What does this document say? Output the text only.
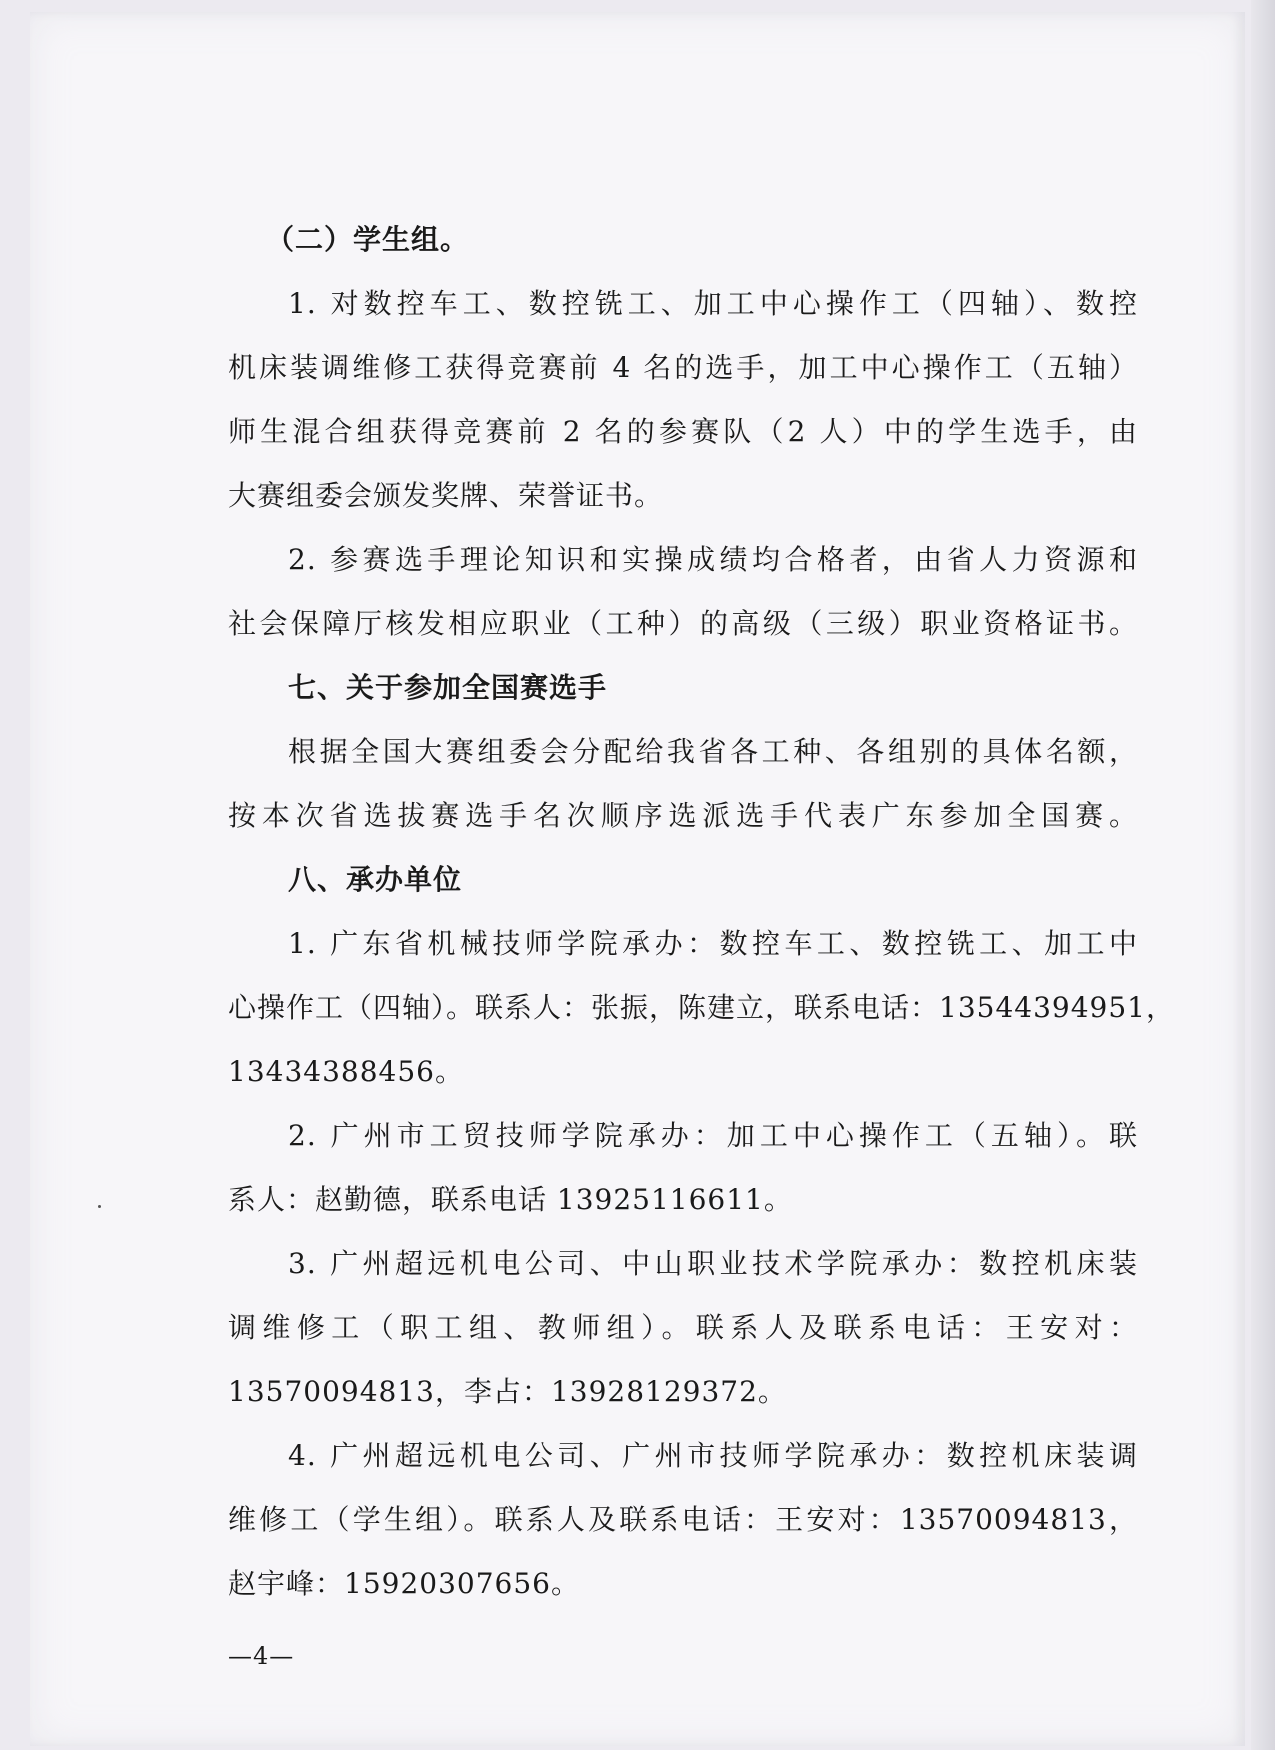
（二）学生组。
1. 对数控车工、数控铣工、加工中心操作工（四轴）、数控
机床装调维修工获得竞赛前 4 名的选手，加工中心操作工（五轴）
师生混合组获得竞赛前 2 名的参赛队（2 人）中的学生选手，由
大赛组委会颁发奖牌、荣誉证书。
2. 参赛选手理论知识和实操成绩均合格者，由省人力资源和
社会保障厅核发相应职业（工种）的高级（三级）职业资格证书。
七、关于参加全国赛选手
根据全国大赛组委会分配给我省各工种、各组别的具体名额，
按本次省选拔赛选手名次顺序选派选手代表广东参加全国赛。
八、承办单位
1. 广东省机械技师学院承办：数控车工、数控铣工、加工中
心操作工（四轴）。联系人：张振，陈建立，联系电话：13544394951，
13434388456。
2. 广州市工贸技师学院承办：加工中心操作工（五轴）。联
系人：赵勤德，联系电话 13925116611。
3. 广州超远机电公司、中山职业技术学院承办：数控机床装
调维修工（职工组、教师组）。联系人及联系电话：王安对：
13570094813，李占：13928129372。
4. 广州超远机电公司、广州市技师学院承办：数控机床装调
维修工（学生组）。联系人及联系电话：王安对：13570094813，
赵宇峰：15920307656。
—4—
